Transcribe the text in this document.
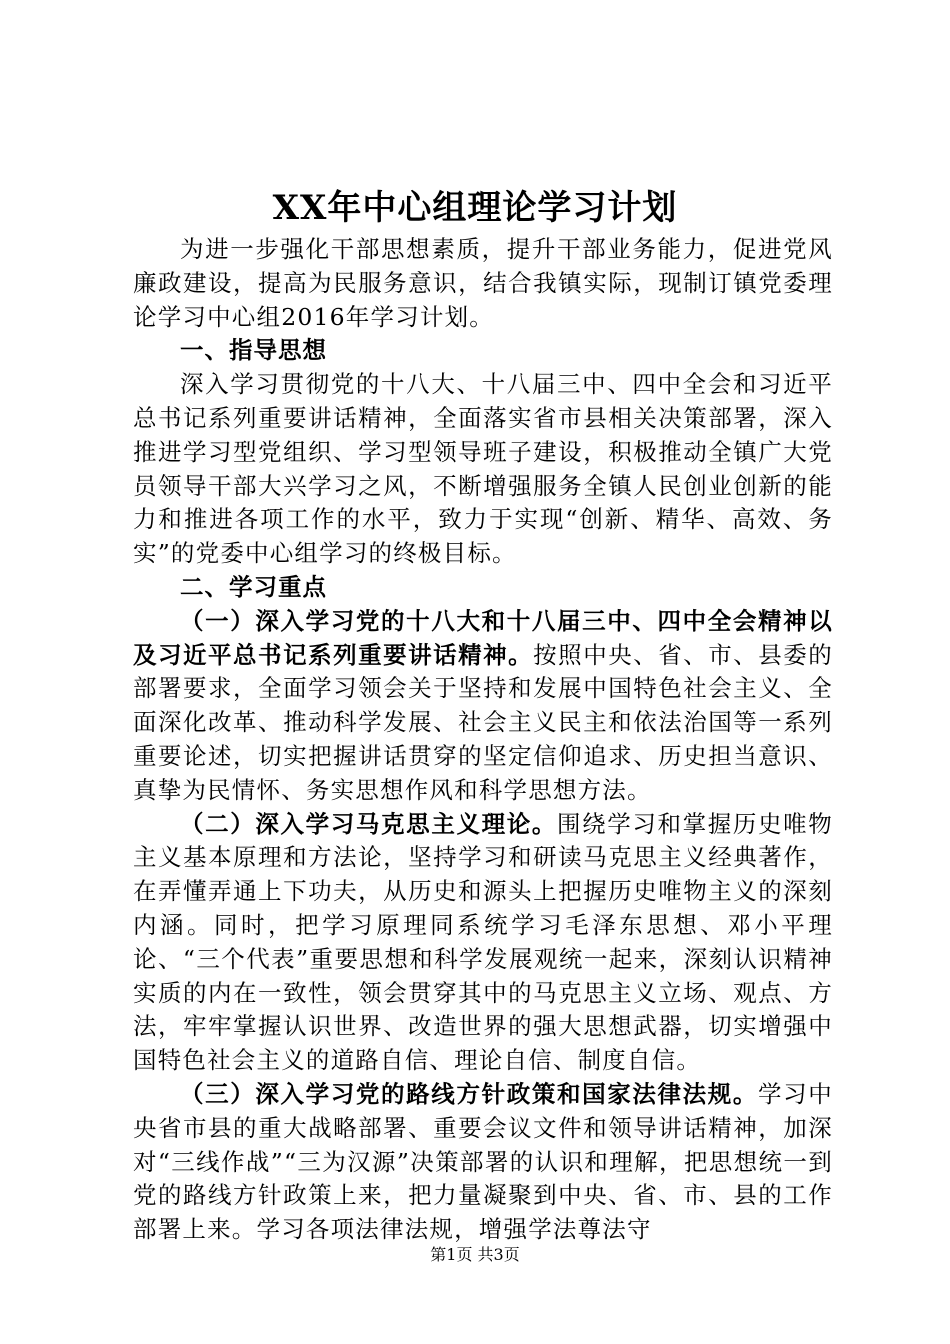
XX年中心组理论学习计划

为进一步强化干部思想素质，提升干部业务能力，促进党风廉政建设，提高为民服务意识，结合我镇实际，现制订镇党委理论学习中心组2016年学习计划。

一、指导思想

深入学习贯彻党的十八大、十八届三中、四中全会和习近平总书记系列重要讲话精神，全面落实省市县相关决策部署，深入推进学习型党组织、学习型领导班子建设，积极推动全镇广大党员领导干部大兴学习之风，不断增强服务全镇人民创业创新的能力和推进各项工作的水平，致力于实现“创新、精华、高效、务实”的党委中心组学习的终极目标。

二、学习重点

（一）深入学习党的十八大和十八届三中、四中全会精神以及习近平总书记系列重要讲话精神。按照中央、省、市、县委的部署要求，全面学习领会关于坚持和发展中国特色社会主义、全面深化改革、推动科学发展、社会主义民主和依法治国等一系列重要论述，切实把握讲话贯穿的坚定信仰追求、历史担当意识、真挚为民情怀、务实思想作风和科学思想方法。

（二）深入学习马克思主义理论。围绕学习和掌握历史唯物主义基本原理和方法论，坚持学习和研读马克思主义经典著作，在弄懂弄通上下功夫，从历史和源头上把握历史唯物主义的深刻内涵。同时，把学习原理同系统学习毛泽东思想、邓小平理论、“三个代表”重要思想和科学发展观统一起来，深刻认识精神实质的内在一致性，领会贯穿其中的马克思主义立场、观点、方法，牢牢掌握认识世界、改造世界的强大思想武器，切实增强中国特色社会主义的道路自信、理论自信、制度自信。

（三）深入学习党的路线方针政策和国家法律法规。学习中央省市县的重大战略部署、重要会议文件和领导讲话精神，加深对“三线作战”“三为汉源”决策部署的认识和理解，把思想统一到党的路线方针政策上来，把力量凝聚到中央、省、市、县的工作部署上来。学习各项法律法规，增强学法尊法守

第1页 共3页
